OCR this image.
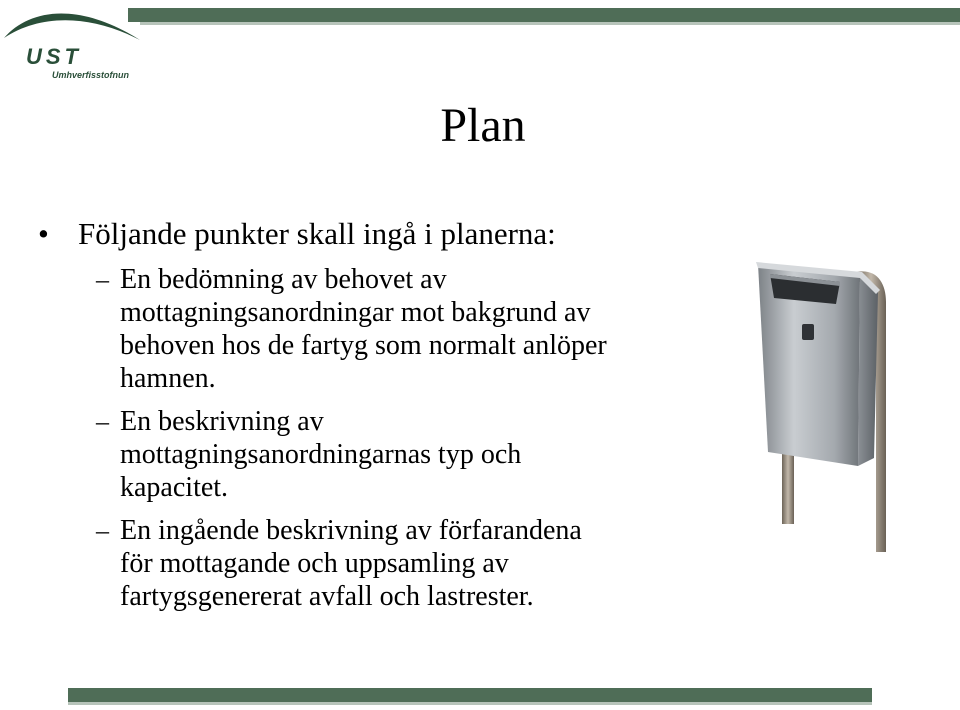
UST
Umhverfisstofnun
Plan
• Följande punkter skall ingå i planerna:
– En bedömning av behovet av
mottagningsanordningar mot bakgrund av
behoven hos de fartyg som normalt anlöper
hamnen.
– En beskrivning av
mottagningsanordningarnas typ och
kapacitet.
– En ingående beskrivning av förfarandena
för mottagande och uppsamling av
fartygsgenererat avfall och lastrester.
